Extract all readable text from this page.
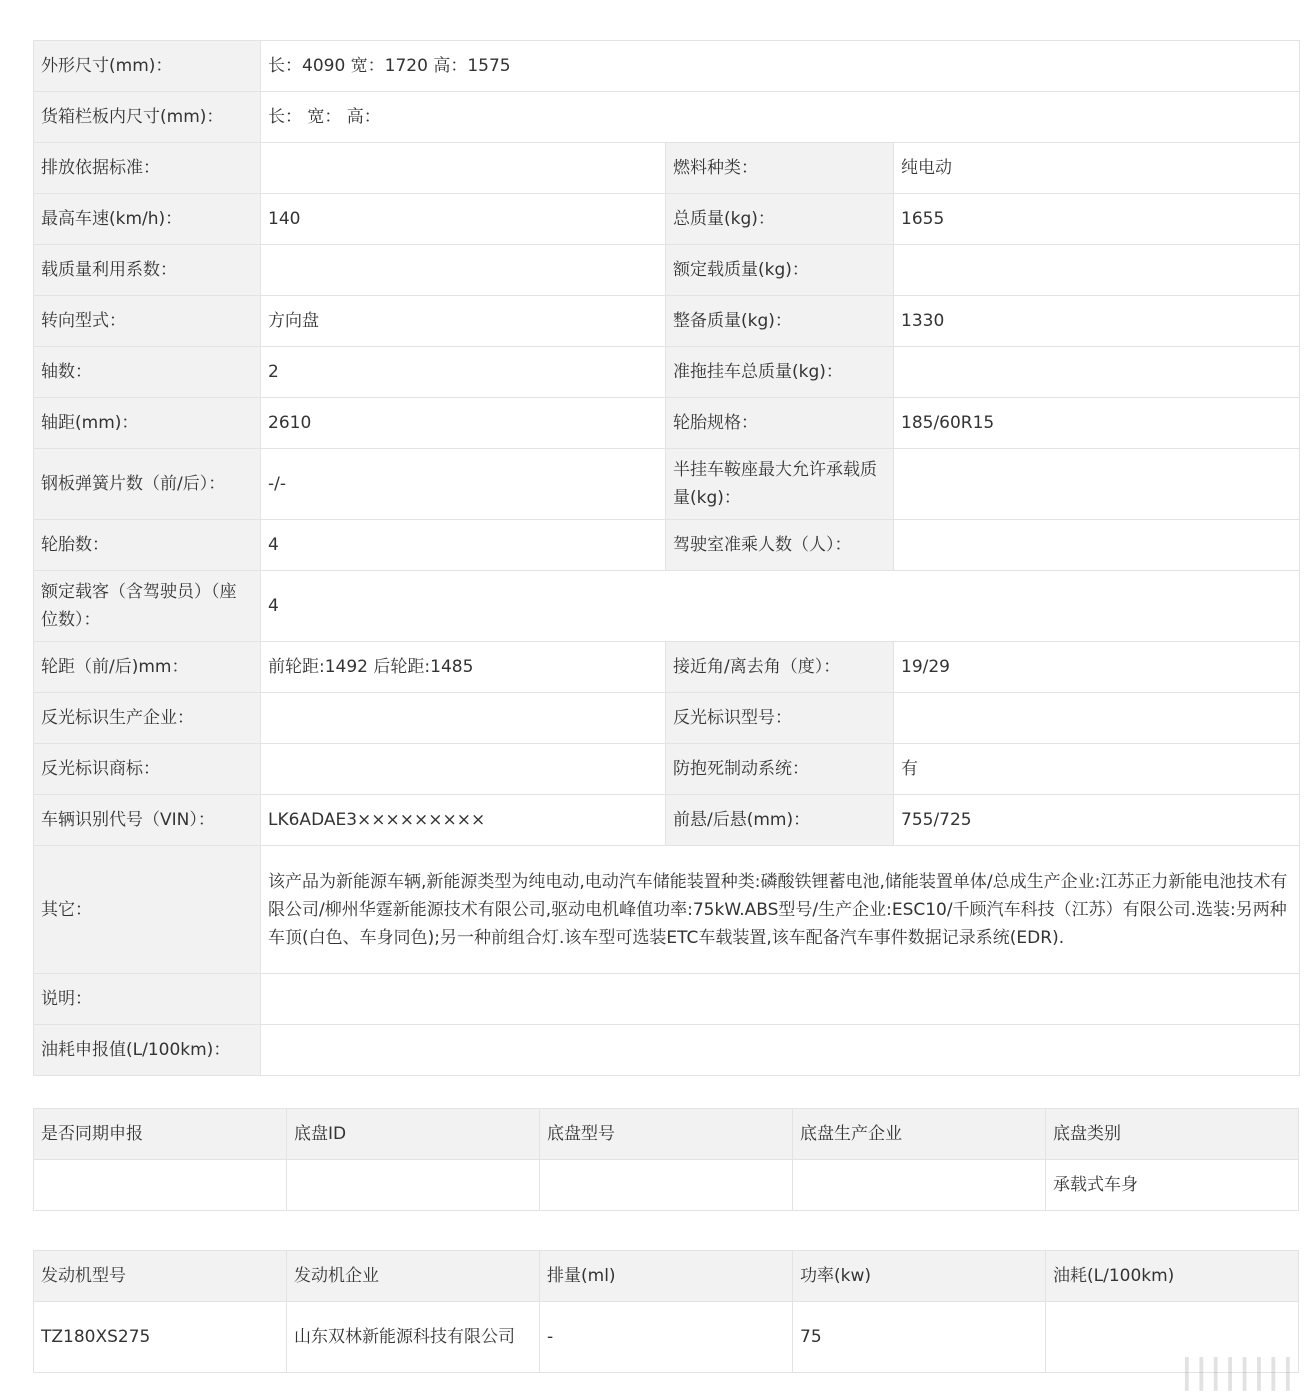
外形尺寸(mm)：	长：4090 宽：1720 高：1575		
货箱栏板内尺寸(mm)：	长： 宽： 高：		
排放依据标准：		燃料种类：	纯电动
最高车速(km/h)：	140	总质量(kg)：	1655
载质量利用系数：		额定载质量(kg)：	
转向型式：	方向盘	整备质量(kg)：	1330
轴数：	2	准拖挂车总质量(kg)：	
轴距(mm)：	2610	轮胎规格：	185/60R15
钢板弹簧片数（前/后）：	-/-	半挂车鞍座最大允许承载质量(kg)：	
轮胎数：	4	驾驶室准乘人数（人）：	
额定载客（含驾驶员）（座位数）：	4		
轮距（前/后)mm：	前轮距:1492 后轮距:1485	接近角/离去角（度）：	19/29
反光标识生产企业：		反光标识型号：	
反光标识商标：		防抱死制动系统：	有
车辆识别代号（VIN）：	LK6ADAE3×××××××××	前悬/后悬(mm)：	755/725
其它：	该产品为新能源车辆,新能源类型为纯电动,电动汽车储能装置种类:磷酸铁锂蓄电池,储能装置单体/总成生产企业:江苏正力新能电池技术有限公司/柳州华霆新能源技术有限公司,驱动电机峰值功率:75kW.ABS型号/生产企业:ESC10/千顾汽车科技（江苏）有限公司.选装:另两种车顶(白色、车身同色);另一种前组合灯.该车型可选装ETC车载装置,该车配备汽车事件数据记录系统(EDR).		
说明：			
油耗申报值(L/100km)：			
是否同期申报	底盘ID	底盘型号	底盘生产企业	底盘类别
				承载式车身
发动机型号	发动机企业	排量(ml)	功率(kw)	油耗(L/100km)
TZ180XS275	山东双林新能源科技有限公司	-	75	
||||||||
